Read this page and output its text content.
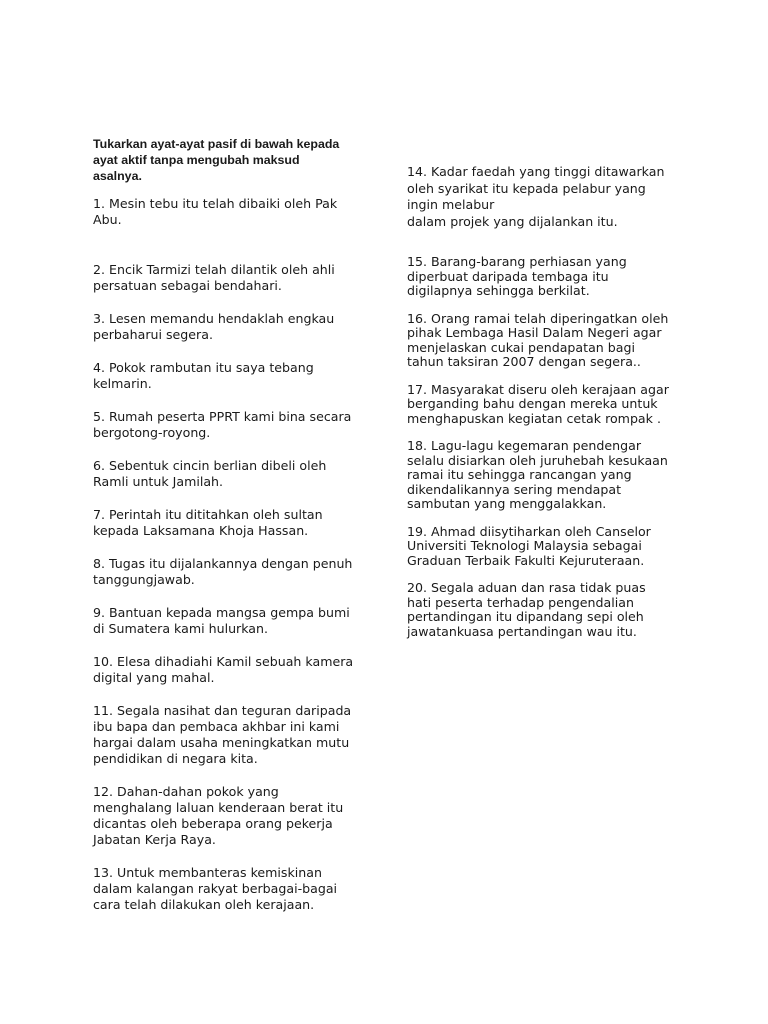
Tukarkan ayat-ayat pasif di bawah kepada
ayat aktif tanpa mengubah maksud
asalnya.

1. Mesin tebu itu telah dibaiki oleh Pak
Abu.

2. Encik Tarmizi telah dilantik oleh ahli
persatuan sebagai bendahari.

3. Lesen memandu hendaklah engkau
perbaharui segera.

4. Pokok rambutan itu saya tebang
kelmarin.

5. Rumah peserta PPRT kami bina secara
bergotong-royong.

6. Sebentuk cincin berlian dibeli oleh
Ramli untuk Jamilah.

7. Perintah itu dititahkan oleh sultan
kepada Laksamana Khoja Hassan.

8. Tugas itu dijalankannya dengan penuh
tanggungjawab.

9. Bantuan kepada mangsa gempa bumi
di Sumatera kami hulurkan.

10. Elesa dihadiahi Kamil sebuah kamera
digital yang mahal.

11. Segala nasihat dan teguran daripada
ibu bapa dan pembaca akhbar ini kami
hargai dalam usaha meningkatkan mutu
pendidikan di negara kita.

12. Dahan-dahan pokok yang
menghalang laluan kenderaan berat itu
dicantas oleh beberapa orang pekerja
Jabatan Kerja Raya.

13. Untuk membanteras kemiskinan
dalam kalangan rakyat berbagai-bagai
cara telah dilakukan oleh kerajaan.

14. Kadar faedah yang tinggi ditawarkan
oleh syarikat itu kepada pelabur yang
ingin melabur
dalam projek yang dijalankan itu.

15. Barang-barang perhiasan yang
diperbuat daripada tembaga itu
digilapnya sehingga berkilat.

16. Orang ramai telah diperingatkan oleh
pihak Lembaga Hasil Dalam Negeri agar
menjelaskan cukai pendapatan bagi
tahun taksiran 2007 dengan segera..

17. Masyarakat diseru oleh kerajaan agar
berganding bahu dengan mereka untuk
menghapuskan kegiatan cetak rompak .

18. Lagu-lagu kegemaran pendengar
selalu disiarkan oleh juruhebah kesukaan
ramai itu sehingga rancangan yang
dikendalikannya sering mendapat
sambutan yang menggalakkan.

19. Ahmad diisytiharkan oleh Canselor
Universiti Teknologi Malaysia sebagai
Graduan Terbaik Fakulti Kejuruteraan.

20. Segala aduan dan rasa tidak puas
hati peserta terhadap pengendalian
pertandingan itu dipandang sepi oleh
jawatankuasa pertandingan wau itu.
